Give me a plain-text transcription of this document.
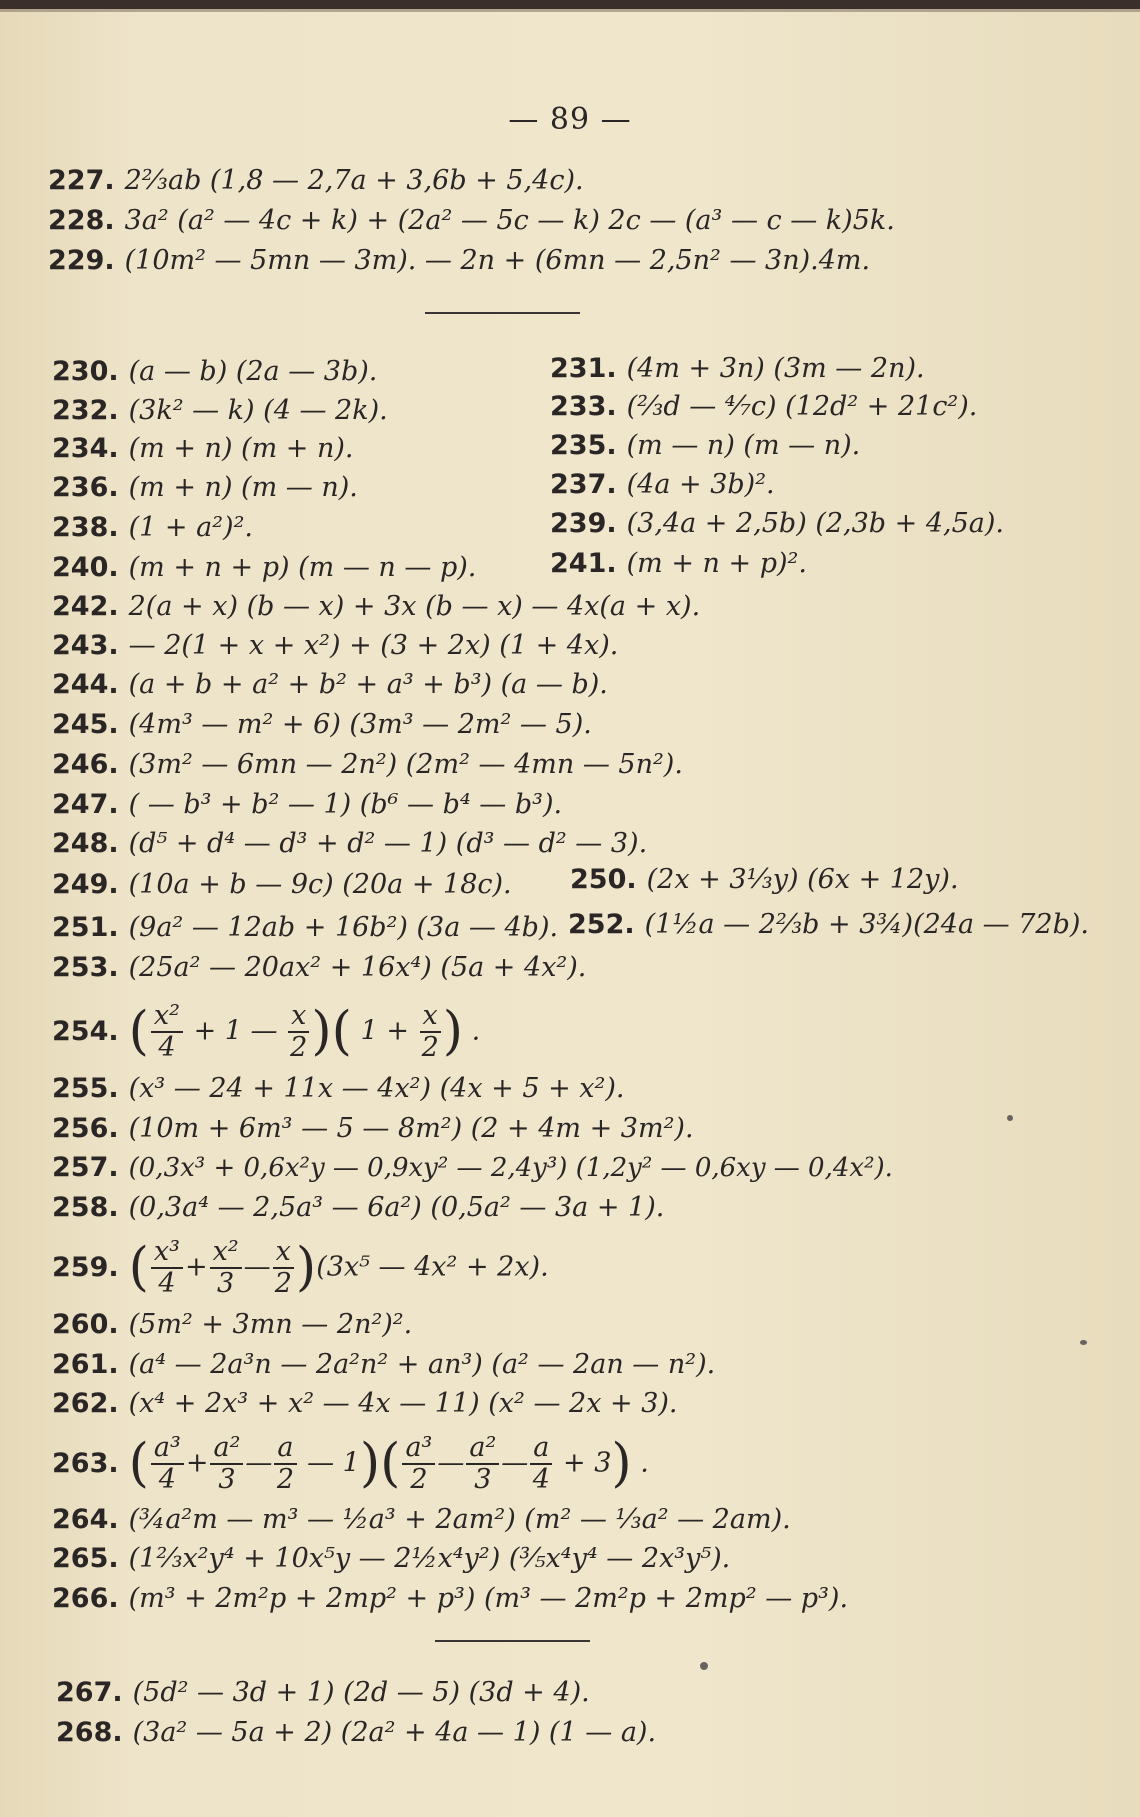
— 89 —
227. 2⅔ab (1,8 — 2,7a + 3,6b + 5,4c).
228. 3a² (a² — 4c + k) + (2a² — 5c — k) 2c — (a³ — c — k)5k.
229. (10m² — 5mn — 3m). — 2n + (6mn — 2,5n² — 3n).4m.
230. (a — b) (2a — 3b).	231. (4m + 3n) (3m — 2n).
232. (3k² — k) (4 — 2k).	233. (⅔d — ⁴⁄₇c) (12d² + 21c²).
234. (m + n) (m + n).	235. (m — n) (m — n).
236. (m + n) (m — n).	237. (4a + 3b)².
238. (1 + a²)².	239. (3,4a + 2,5b) (2,3b + 4,5a).
240. (m + n + p) (m — n — p).	241. (m + n + p)².
242. 2(a + x) (b — x) + 3x (b — x) — 4x(a + x).
243. — 2(1 + x + x²) + (3 + 2x) (1 + 4x).
244. (a + b + a² + b² + a³ + b³) (a — b).
245. (4m³ — m² + 6) (3m³ — 2m² — 5).
246. (3m² — 6mn — 2n²) (2m² — 4mn — 5n²).
247. ( — b³ + b² — 1) (b⁶ — b⁴ — b³).
248. (d⁵ + d⁴ — d³ + d² — 1) (d³ — d² — 3).
249. (10a + b — 9c) (20a + 18c). 250. (2x + 3⅓y) (6x + 12y).
251. (9a² — 12ab + 16b²) (3a — 4b). 252. (1½a — 2⅔b + 3¾)(24a — 72b).
253. (25a² — 20ax² + 16x⁴) (5a + 4x²).
254. ( $\frac{\text{x²}}{4} + 1$ — $\frac{x}{2}$ )( $1 + \frac{x}{2}$ ) .
255. (x³ — 24 + 11x — 4x²) (4x + 5 + x²).
256. (10m + 6m³ — 5 — 8m²) (2 + 4m + 3m²).
257. (0,3x³ + 0,6x²y — 0,9xy² — 2,4y³) (1,2y² — 0,6xy — 0,4x²).
258. (0,3a⁴ — 2,5a³ — 6a²) (0,5a² — 3a + 1).
259. ( $\frac{\text{x³}}{4} + \frac{\text{x²}}{3}$ — $\frac{x}{2} )(3x^5$ — 4x² + 2x).
260. (5m² + 3mn — 2n²)².
261. (a⁴ — 2a³n — 2a²n² + an³) (a² — 2an — n²).
262. (x⁴ + 2x³ + x² — 4x — 11) (x² — 2x + 3).
263. ( $\frac{\text{a³}}{4} + \frac{\text{a²}}{3}$ — $\frac{a}{2}$ — $1)( \frac{\text{a³}}{2}$ — $\frac{\text{a²}}{3}$ — $\frac{a}{4} + 3$) .
264. (¾a²m — m³ — ½a³ + 2am²) (m² — ⅓a² — 2am).
265. (1⅔x²y⁴ + 10x⁵y — 2½x⁴y²) (⅗x⁴y⁴ — 2x³y⁵).
266. (m³ + 2m²p + 2mp² + p³) (m³ — 2m²p + 2mp² — p³).
267. (5d² — 3d + 1) (2d — 5) (3d + 4).
268. (3a² — 5a + 2) (2a² + 4a — 1) (1 — a).
